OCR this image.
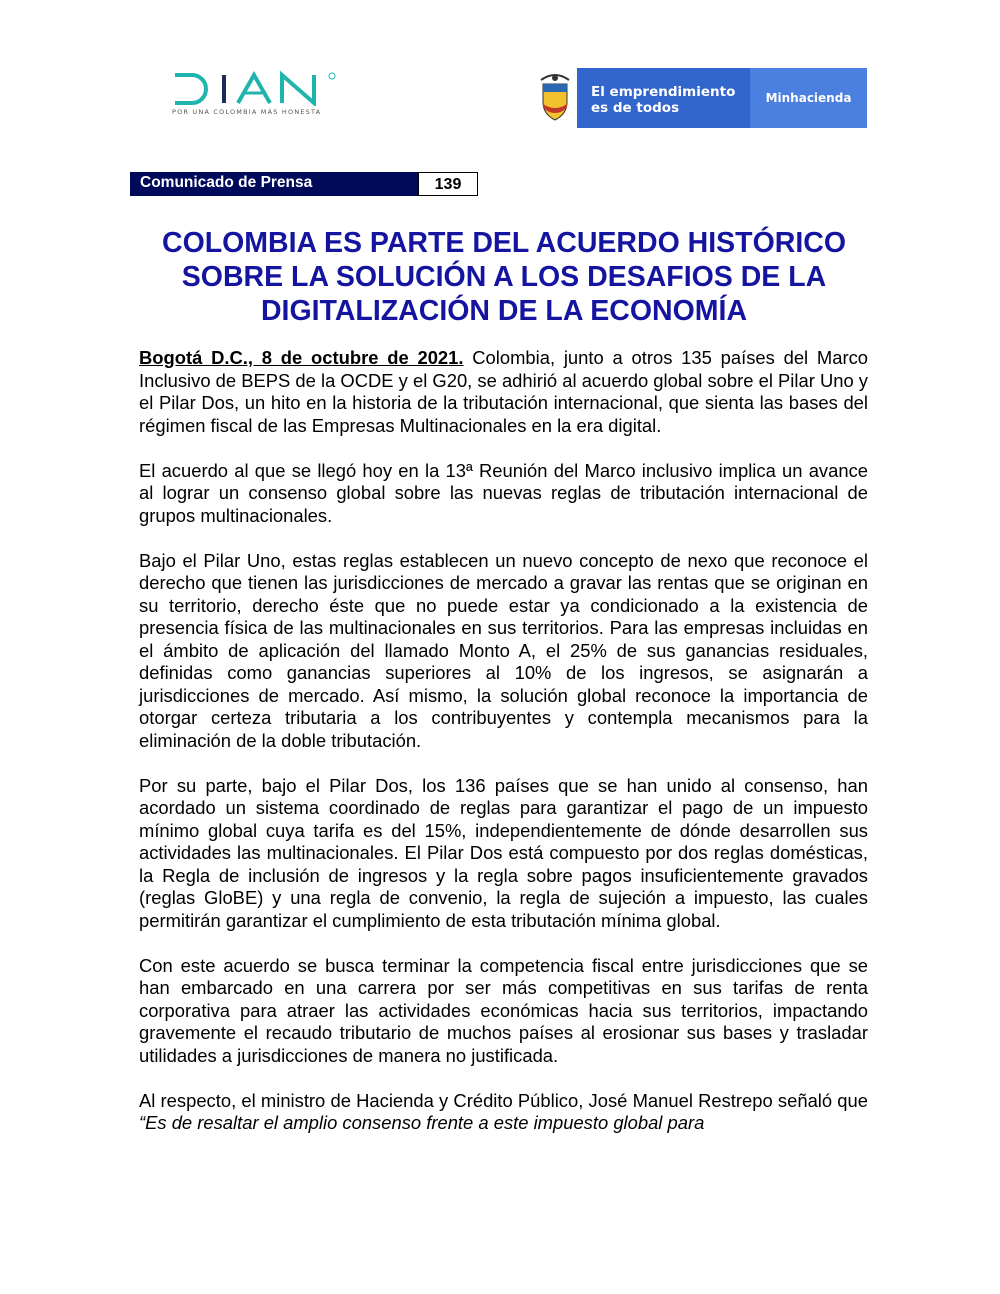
POR UNA COLOMBIA MÁS HONESTA
El emprendimiento
es de todos
Minhacienda
Comunicado de Prensa	139
COLOMBIA ES PARTE DEL ACUERDO HISTÓRICO SOBRE LA SOLUCIÓN A LOS DESAFIOS DE LA DIGITALIZACIÓN DE LA ECONOMÍA

Bogotá D.C., 8 de octubre de 2021. Colombia, junto a otros 135 países del Marco Inclusivo de BEPS de la OCDE y el G20, se adhirió al acuerdo global sobre el Pilar Uno y el Pilar Dos, un hito en la historia de la tributación internacional, que sienta las bases del régimen fiscal de las Empresas Multinacionales en la era digital.

El acuerdo al que se llegó hoy en la 13ª Reunión del Marco inclusivo implica un avance al lograr un consenso global sobre las nuevas reglas de tributación internacional de grupos multinacionales.

Bajo el Pilar Uno, estas reglas establecen un nuevo concepto de nexo que reconoce el derecho que tienen las jurisdicciones de mercado a gravar las rentas que se originan en su territorio, derecho éste que no puede estar ya condicionado a la existencia de presencia física de las multinacionales en sus territorios. Para las empresas incluidas en el ámbito de aplicación del llamado Monto A, el 25% de sus ganancias residuales, definidas como ganancias superiores al 10% de los ingresos, se asignarán a jurisdicciones de mercado. Así mismo, la solución global reconoce la importancia de otorgar certeza tributaria a los contribuyentes y contempla mecanismos para la eliminación de la doble tributación.

Por su parte, bajo el Pilar Dos, los 136 países que se han unido al consenso, han acordado un sistema coordinado de reglas para garantizar el pago de un impuesto mínimo global cuya tarifa es del 15%, independientemente de dónde desarrollen sus actividades las multinacionales. El Pilar Dos está compuesto por dos reglas domésticas, la Regla de inclusión de ingresos y la regla sobre pagos insuficientemente gravados (reglas GloBE) y una regla de convenio, la regla de sujeción a impuesto, las cuales permitirán garantizar el cumplimiento de esta tributación mínima global.

Con este acuerdo se busca terminar la competencia fiscal entre jurisdicciones que se han embarcado en una carrera por ser más competitivas en sus tarifas de renta corporativa para atraer las actividades económicas hacia sus territorios, impactando gravemente el recaudo tributario de muchos países al erosionar sus bases y trasladar utilidades a jurisdicciones de manera no justificada.

Al respecto, el ministro de Hacienda y Crédito Público, José Manuel Restrepo señaló que “Es de resaltar el amplio consenso frente a este impuesto global para
